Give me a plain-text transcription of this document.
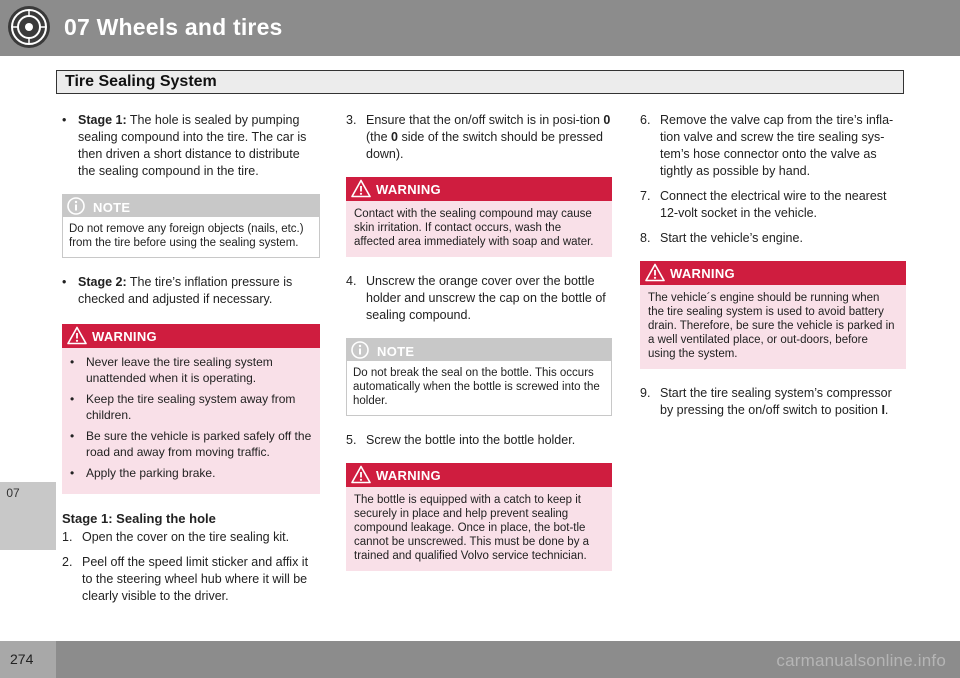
07 Wheels and tires
07
Tire Sealing System
• Stage 1: The hole is sealed by pumping sealing compound into the tire. The car is then driven a short distance to distribute the sealing compound in the tire.
NOTE
Do not remove any foreign objects (nails, etc.) from the tire before using the sealing system.
• Stage 2: The tire’s inflation pressure is checked and adjusted if necessary.
WARNING
• Never leave the tire sealing system unattended when it is operating.
• Keep the tire sealing system away from children.
• Be sure the vehicle is parked safely off the road and away from moving traffic.
• Apply the parking brake.
Stage 1: Sealing the hole
1. Open the cover on the tire sealing kit.
2. Peel off the speed limit sticker and affix it to the steering wheel hub where it will be clearly visible to the driver.
3. Ensure that the on/off switch is in posi-tion 0 (the 0 side of the switch should be pressed down).
WARNING
Contact with the sealing compound may cause skin irritation. If contact occurs, wash the affected area immediately with soap and water.
4. Unscrew the orange cover over the bottle holder and unscrew the cap on the bottle of sealing compound.
NOTE
Do not break the seal on the bottle. This occurs automatically when the bottle is screwed into the holder.
5. Screw the bottle into the bottle holder.
WARNING
The bottle is equipped with a catch to keep it securely in place and help prevent sealing compound leakage. Once in place, the bot-tle cannot be unscrewed. This must be done by a trained and qualified Volvo service technician.
6. Remove the valve cap from the tire’s infla-tion valve and screw the tire sealing sys-tem’s hose connector onto the valve as tightly as possible by hand.
7. Connect the electrical wire to the nearest 12-volt socket in the vehicle.
8. Start the vehicle’s engine.
WARNING
The vehicle´s engine should be running when the tire sealing system is used to avoid battery drain. Therefore, be sure the vehicle is parked in a well ventilated place, or out-doors, before using the system.
9. Start the tire sealing system’s compressor by pressing the on/off switch to position I.
274	carmanualsonline.info
